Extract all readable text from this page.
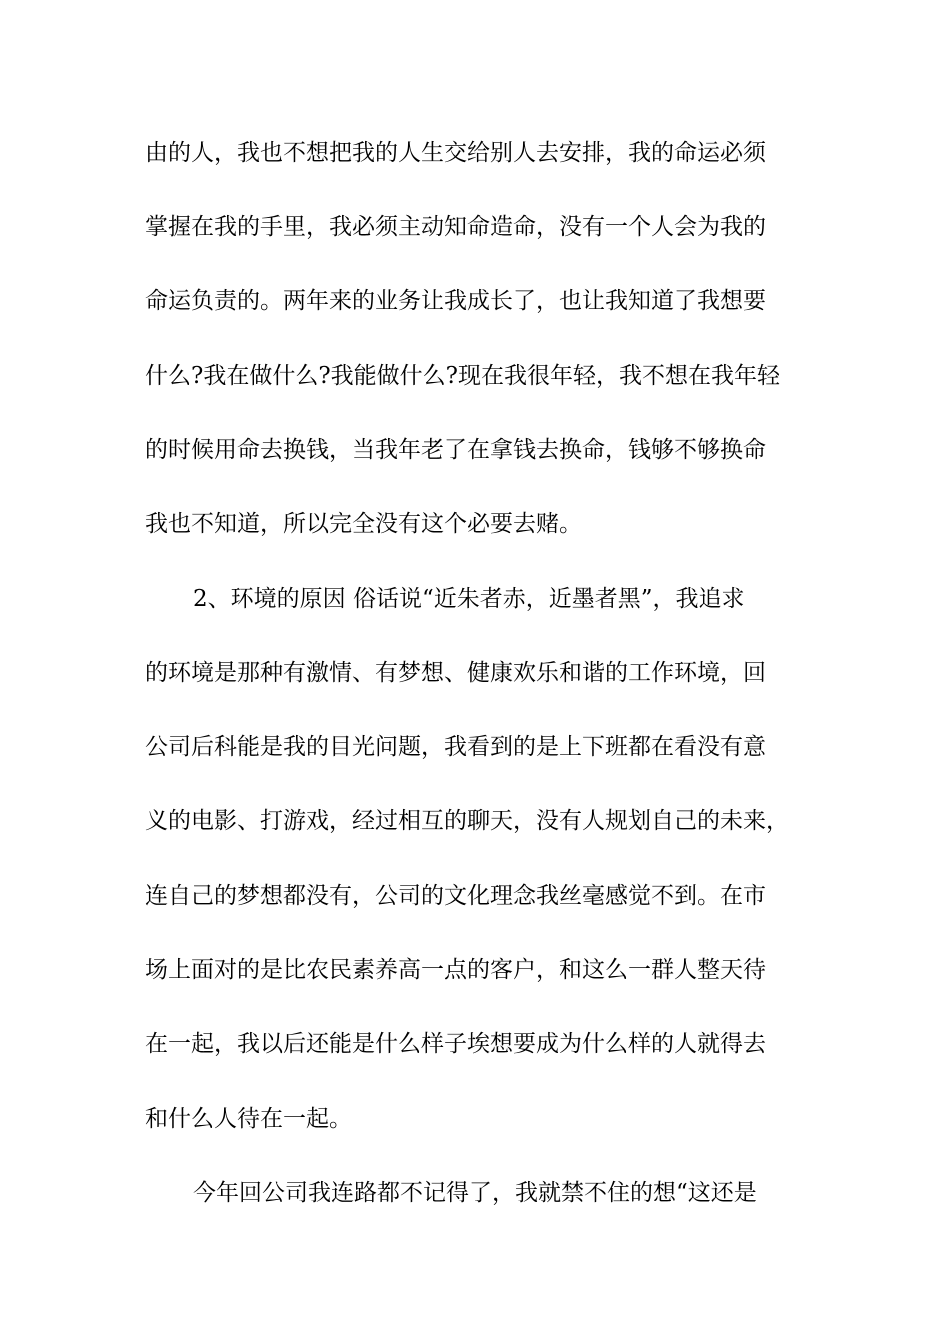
由的人，我也不想把我的人生交给别人去安排，我的命运必须
掌握在我的手里，我必须主动知命造命，没有一个人会为我的
命运负责的。两年来的业务让我成长了，也让我知道了我想要
什么?我在做什么?我能做什么?现在我很年轻，我不想在我年轻
的时候用命去换钱，当我年老了在拿钱去换命，钱够不够换命
我也不知道，所以完全没有这个必要去赌。
2、环境的原因 俗话说“近朱者赤，近墨者黑”，我追求
的环境是那种有激情、有梦想、健康欢乐和谐的工作环境，回
公司后科能是我的目光问题，我看到的是上下班都在看没有意
义的电影、打游戏，经过相互的聊天，没有人规划自己的未来，
连自己的梦想都没有，公司的文化理念我丝毫感觉不到。在市
场上面对的是比农民素养高一点的客户，和这么一群人整天待
在一起，我以后还能是什么样子埃想要成为什么样的人就得去
和什么人待在一起。
今年回公司我连路都不记得了，我就禁不住的想“这还是
